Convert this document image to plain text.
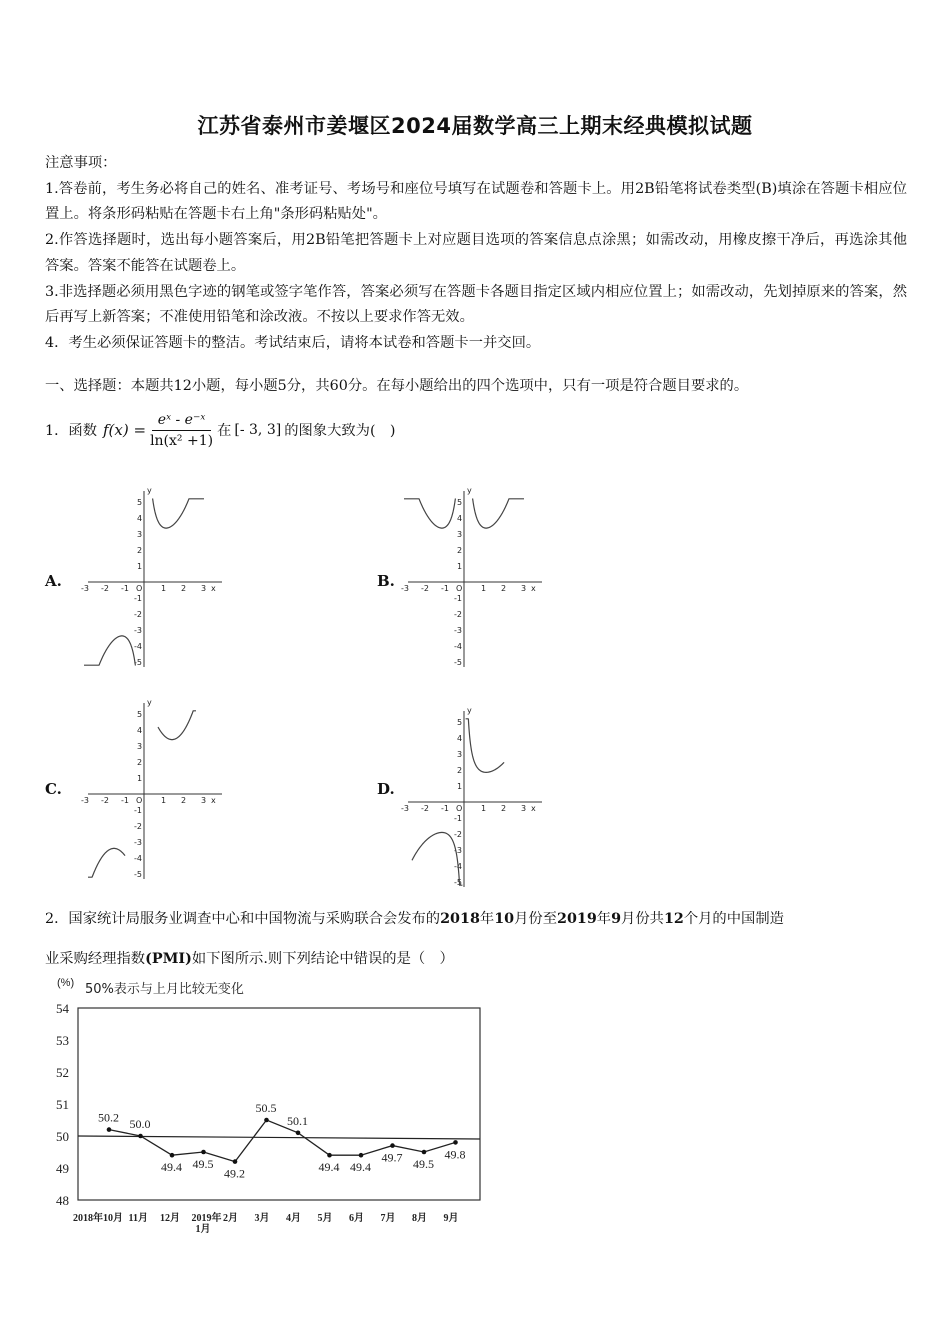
江苏省泰州市姜堰区2024届数学高三上期末经典模拟试题

注意事项：

1.答卷前，考生务必将自己的姓名、准考证号、考场号和座位号填写在试题卷和答题卡上。用2B铅笔将试卷类型(B)填涂在答题卡相应位置上。将条形码粘贴在答题卡右上角"条形码粘贴处"。

2.作答选择题时，选出每小题答案后，用2B铅笔把答题卡上对应题目选项的答案信息点涂黑；如需改动，用橡皮擦干净后，再选涂其他答案。答案不能答在试题卷上。

3.非选择题必须用黑色字迹的钢笔或签字笔作答，答案必须写在答题卡各题目指定区域内相应位置上；如需改动，先划掉原来的答案，然后再写上新答案；不准使用铅笔和涂改液。不按以上要求作答无效。

4．考生必须保证答题卡的整洁。考试结束后，请将本试卷和答题卡一并交回。

一、选择题：本题共12小题，每小题5分，共60分。在每小题给出的四个选项中，只有一项是符合题目要求的。
1．函数 $f(x) = \frac{\text{eˣ - e⁻ˣ}}{\text{ln(x² +1)}}$ 在 [- 3, 3] 的图象大致为(　)
A.	B.
C.	D.
-3 -2 -1 O 1 2 3 x
y
5
4
3
2
1
-1
-2
-3
-4
-5
-3 -2 -1 O 1 2 3 x
y
5
4
3
2
1
-1
-2
-3
-4
-5
-3 -2 -1 O 1 2 3 x
y
5
4
3
2
1
-1
-2
-3
-4
-5
-3 -2 -1 O 1 2 3 x
y
5
4
3
2
1
-1
-2
-3
-4
-5

2．国家统计局服务业调查中心和中国物流与采购联合会发布的2018年10月份至2019年9月份共12个月的中国制造

业采购经理指数(PMI)如下图所示.则下列结论中错误的是（　）

(%) 50%表示与上月比较无变化
48
49
50
51
52
53
54
50.2 50.0
49.4 49.5
49.2
50.5
50.1
49.4 49.4
49.7 49.5
49.8
2018年10月 11月 12月 2019年 1月
2月 3月 4月 5月 6月 7月 8月 9月
